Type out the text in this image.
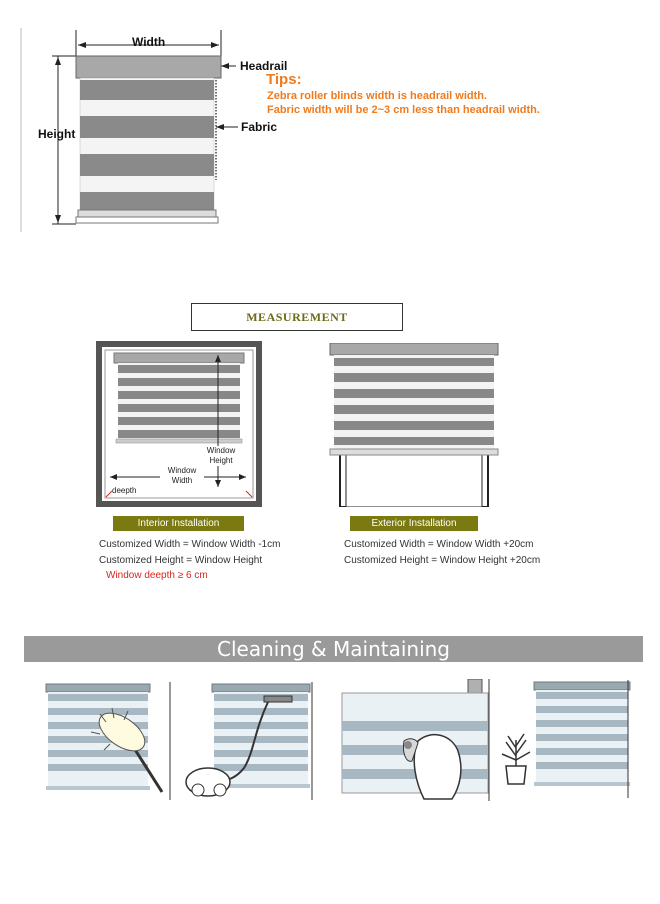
Width
Height
Headrail
Fabric
Tips:
Zebra roller blinds width is headrail width.
Fabric width will be 2~3 cm less than headrail width.
MEASUREMENT
Window
Height
Window
Width
deepth
Interior Installation	Exterior Installation
Customized Width = Window Width -1cm
Customized Height = Window Height
Window deepth ≥ 6 cm
Customized Width = Window Width +20cm
Customized Height = Window Height +20cm
Cleaning & Maintaining
